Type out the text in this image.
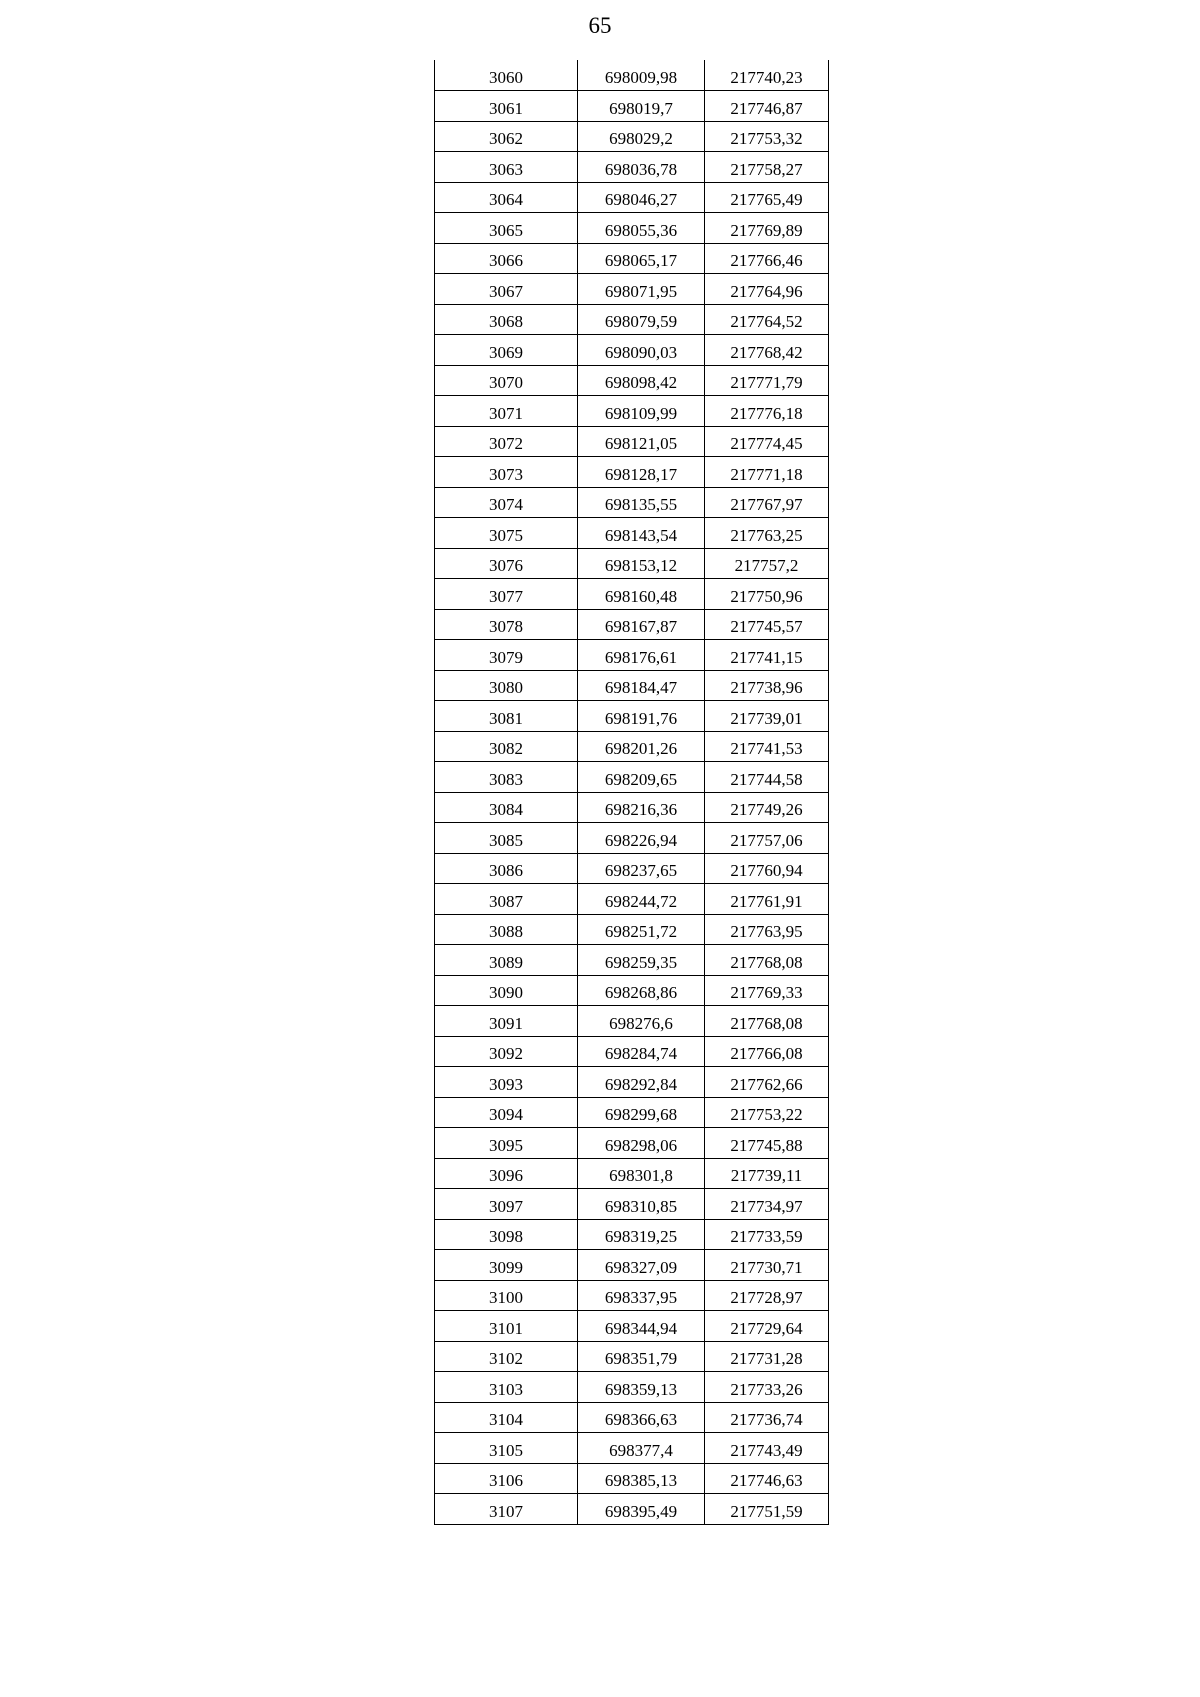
65
3060	698009,98	217740,23
3061	698019,7	217746,87
3062	698029,2	217753,32
3063	698036,78	217758,27
3064	698046,27	217765,49
3065	698055,36	217769,89
3066	698065,17	217766,46
3067	698071,95	217764,96
3068	698079,59	217764,52
3069	698090,03	217768,42
3070	698098,42	217771,79
3071	698109,99	217776,18
3072	698121,05	217774,45
3073	698128,17	217771,18
3074	698135,55	217767,97
3075	698143,54	217763,25
3076	698153,12	217757,2
3077	698160,48	217750,96
3078	698167,87	217745,57
3079	698176,61	217741,15
3080	698184,47	217738,96
3081	698191,76	217739,01
3082	698201,26	217741,53
3083	698209,65	217744,58
3084	698216,36	217749,26
3085	698226,94	217757,06
3086	698237,65	217760,94
3087	698244,72	217761,91
3088	698251,72	217763,95
3089	698259,35	217768,08
3090	698268,86	217769,33
3091	698276,6	217768,08
3092	698284,74	217766,08
3093	698292,84	217762,66
3094	698299,68	217753,22
3095	698298,06	217745,88
3096	698301,8	217739,11
3097	698310,85	217734,97
3098	698319,25	217733,59
3099	698327,09	217730,71
3100	698337,95	217728,97
3101	698344,94	217729,64
3102	698351,79	217731,28
3103	698359,13	217733,26
3104	698366,63	217736,74
3105	698377,4	217743,49
3106	698385,13	217746,63
3107	698395,49	217751,59
